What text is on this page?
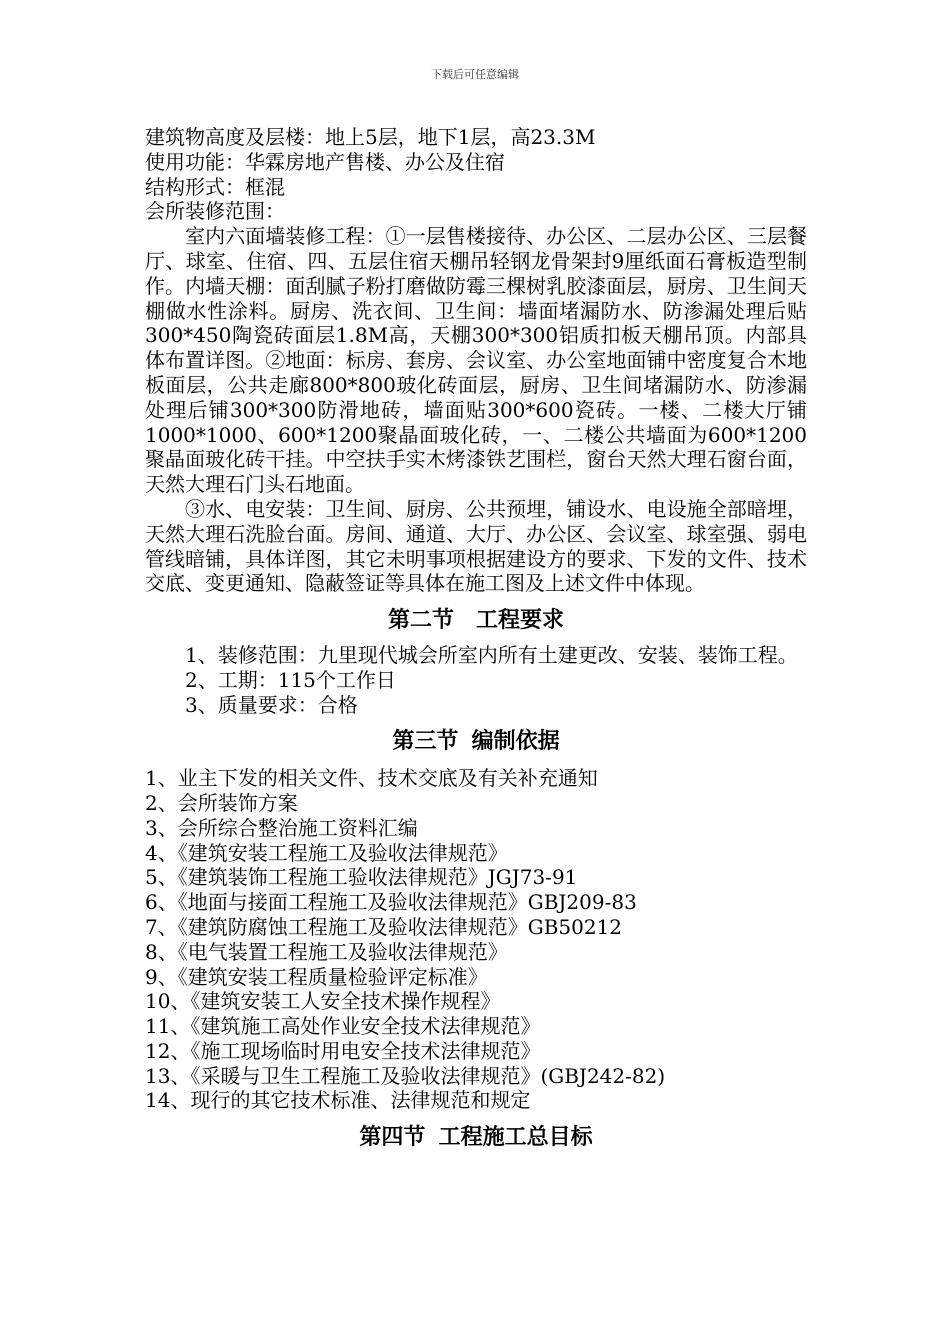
下载后可任意编辑

建筑物高度及层楼：地上5层，地下1层，高23.3M

使用功能：华霖房地产售楼、办公及住宿

结构形式：框混

会所装修范围：

室内六面墙装修工程：①一层售楼接待、办公区、二层办公区、三层餐厅、球室、住宿、四、五层住宿天棚吊轻钢龙骨架封9厘纸面石膏板造型制作。内墙天棚：面刮腻子粉打磨做防霉三棵树乳胶漆面层，厨房、卫生间天棚做水性涂料。厨房、洗衣间、卫生间：墙面堵漏防水、防渗漏处理后贴300*450陶瓷砖面层1.8M高，天棚300*300铝质扣板天棚吊顶。内部具体布置详图。②地面：标房、套房、会议室、办公室地面铺中密度复合木地板面层，公共走廊800*800玻化砖面层，厨房、卫生间堵漏防水、防渗漏处理后铺300*300防滑地砖，墙面贴300*600瓷砖。一楼、二楼大厅铺1000*1000、600*1200聚晶面玻化砖，一、二楼公共墙面为600*1200聚晶面玻化砖干挂。中空扶手实木烤漆铁艺围栏，窗台天然大理石窗台面，天然大理石门头石地面。

③水、电安装：卫生间、厨房、公共预埋，铺设水、电设施全部暗埋，天然大理石洗脸台面。房间、通道、大厅、办公区、会议室、球室强、弱电管线暗铺，具体详图，其它未明事项根据建设方的要求、下发的文件、技术交底、变更通知、隐蔽签证等具体在施工图及上述文件中体现。

第二节 工程要求

1、装修范围：九里现代城会所室内所有土建更改、安装、装饰工程。

2、工期：115个工作日

3、质量要求：合格

第三节 编制依据

1、业主下发的相关文件、技术交底及有关补充通知

2、会所装饰方案

3、会所综合整治施工资料汇编

4、《建筑安装工程施工及验收法律规范》

5、《建筑装饰工程施工验收法律规范》JGJ73-91

6、《地面与接面工程施工及验收法律规范》GBJ209-83

7、《建筑防腐蚀工程施工及验收法律规范》GB50212

8、《电气装置工程施工及验收法律规范》

9、《建筑安装工程质量检验评定标准》

10、《建筑安装工人安全技术操作规程》

11、《建筑施工高处作业安全技术法律规范》

12、《施工现场临时用电安全技术法律规范》

13、《采暖与卫生工程施工及验收法律规范》(GBJ242-82)

14、现行的其它技术标准、法律规范和规定

第四节 工程施工总目标
